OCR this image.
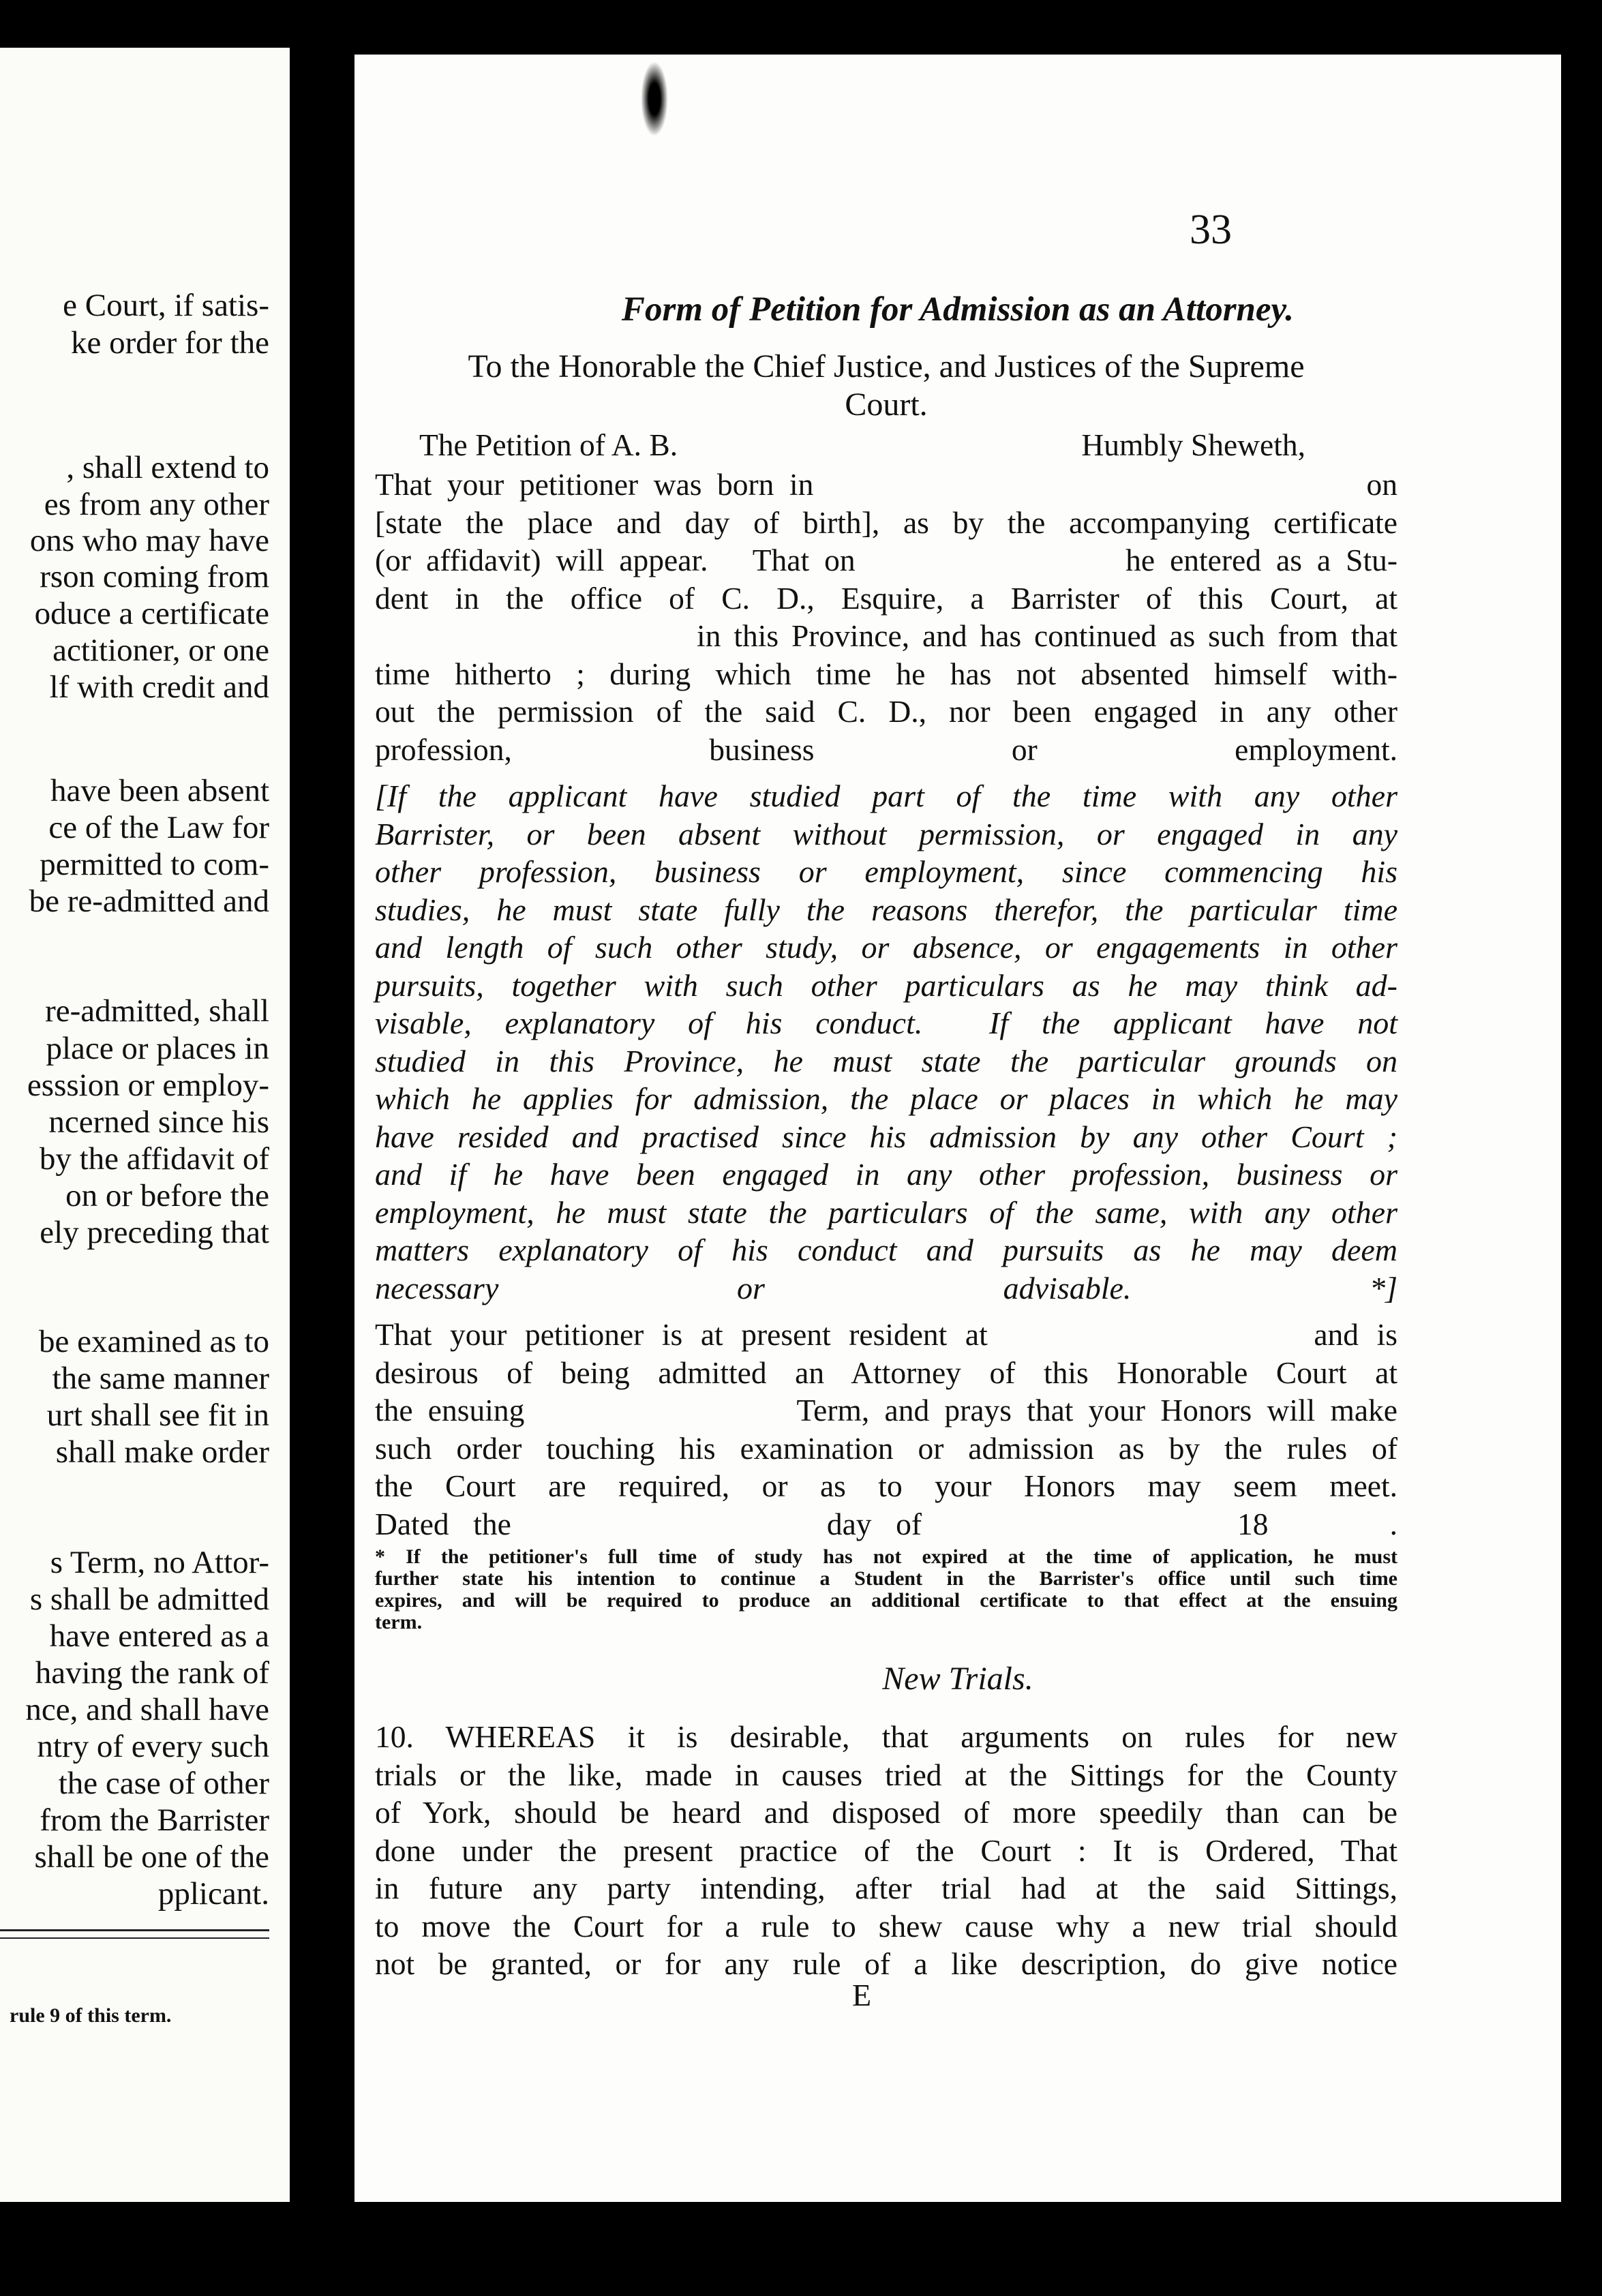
rule 9 of this term.

e Court, if satis-

ke order for the

, shall extend to

es from any other

ons who may have

rson coming from

oduce a certificate

actitioner, or one

lf with credit and

have been absent

ce of the Law for

permitted to com-

be re-admitted and

re-admitted, shall

place or places in

esssion or employ-

ncerned since his

by the affidavit of

on or before the

ely preceding that

be examined as to

the same manner

urt shall see fit in

shall make order

s Term, no Attor-

s shall be admitted

have entered as a

having the rank of

nce, and shall have

ntry of every such

the case of other

from the Barrister

shall be one of the

pplicant.

33

Form of Petition for Admission as an Attorney.

To the Honorable the Chief Justice, and Justices of the Supreme
Court.
The Petition of A. B.	Humbly Sheweth,
That your petitioner was born in                                    on
[state the place and day of birth], as by the accompanying certificate
(or affidavit) will appear.   That on                  he entered as a Stu-
dent in the office of C. D., Esquire, a Barrister of this Court, at
in this Province, and has continued as such from that
time hitherto ; during which time he has not absented himself with-
out the permission of the said C. D., nor been engaged in any other
profession, business or employment.
[If the applicant have studied part of the time with any other
Barrister, or been absent without permission, or engaged in any
other profession, business or employment, since commencing his
studies, he must state fully the reasons therefor, the particular time
and length of such other study, or absence, or engagements in other
pursuits, together with such other particulars as he may think ad-
visable, explanatory of his conduct.  If the applicant have not
studied in this Province, he must state the particular grounds on
which he applies for admission, the place or places in which he may
have resided and practised since his admission by any other Court ;
and if he have been engaged in any other profession, business or
employment, he must state the particulars of the same, with any other
matters explanatory of his conduct and pursuits as he may deem
necessary or advisable. *]
That your petitioner is at present resident at                  and is
desirous of being admitted an Attorney of this Honorable Court at
the ensuing                  Term, and prays that your Honors will make
such order touching his examination or admission as by the rules of
the Court are required, or as to your Honors may seem meet.
Dated the             day of             18     .
* If the petitioner's full time of study has not expired at the time of application, he must
further state his intention to continue a Student in the Barrister's office until such time
expires, and will be required to produce an additional certificate to that effect at the ensuing
term.

New Trials.

10. WHEREAS it is desirable, that arguments on rules for new
trials or the like, made in causes tried at the Sittings for the County
of York, should be heard and disposed of more speedily than can be
done under the present practice of the Court : It is Ordered, That
in future any party intending, after trial had at the said Sittings,
to move the Court for a rule to shew cause why a new trial should
not be granted, or for any rule of a like description, do give notice

E
